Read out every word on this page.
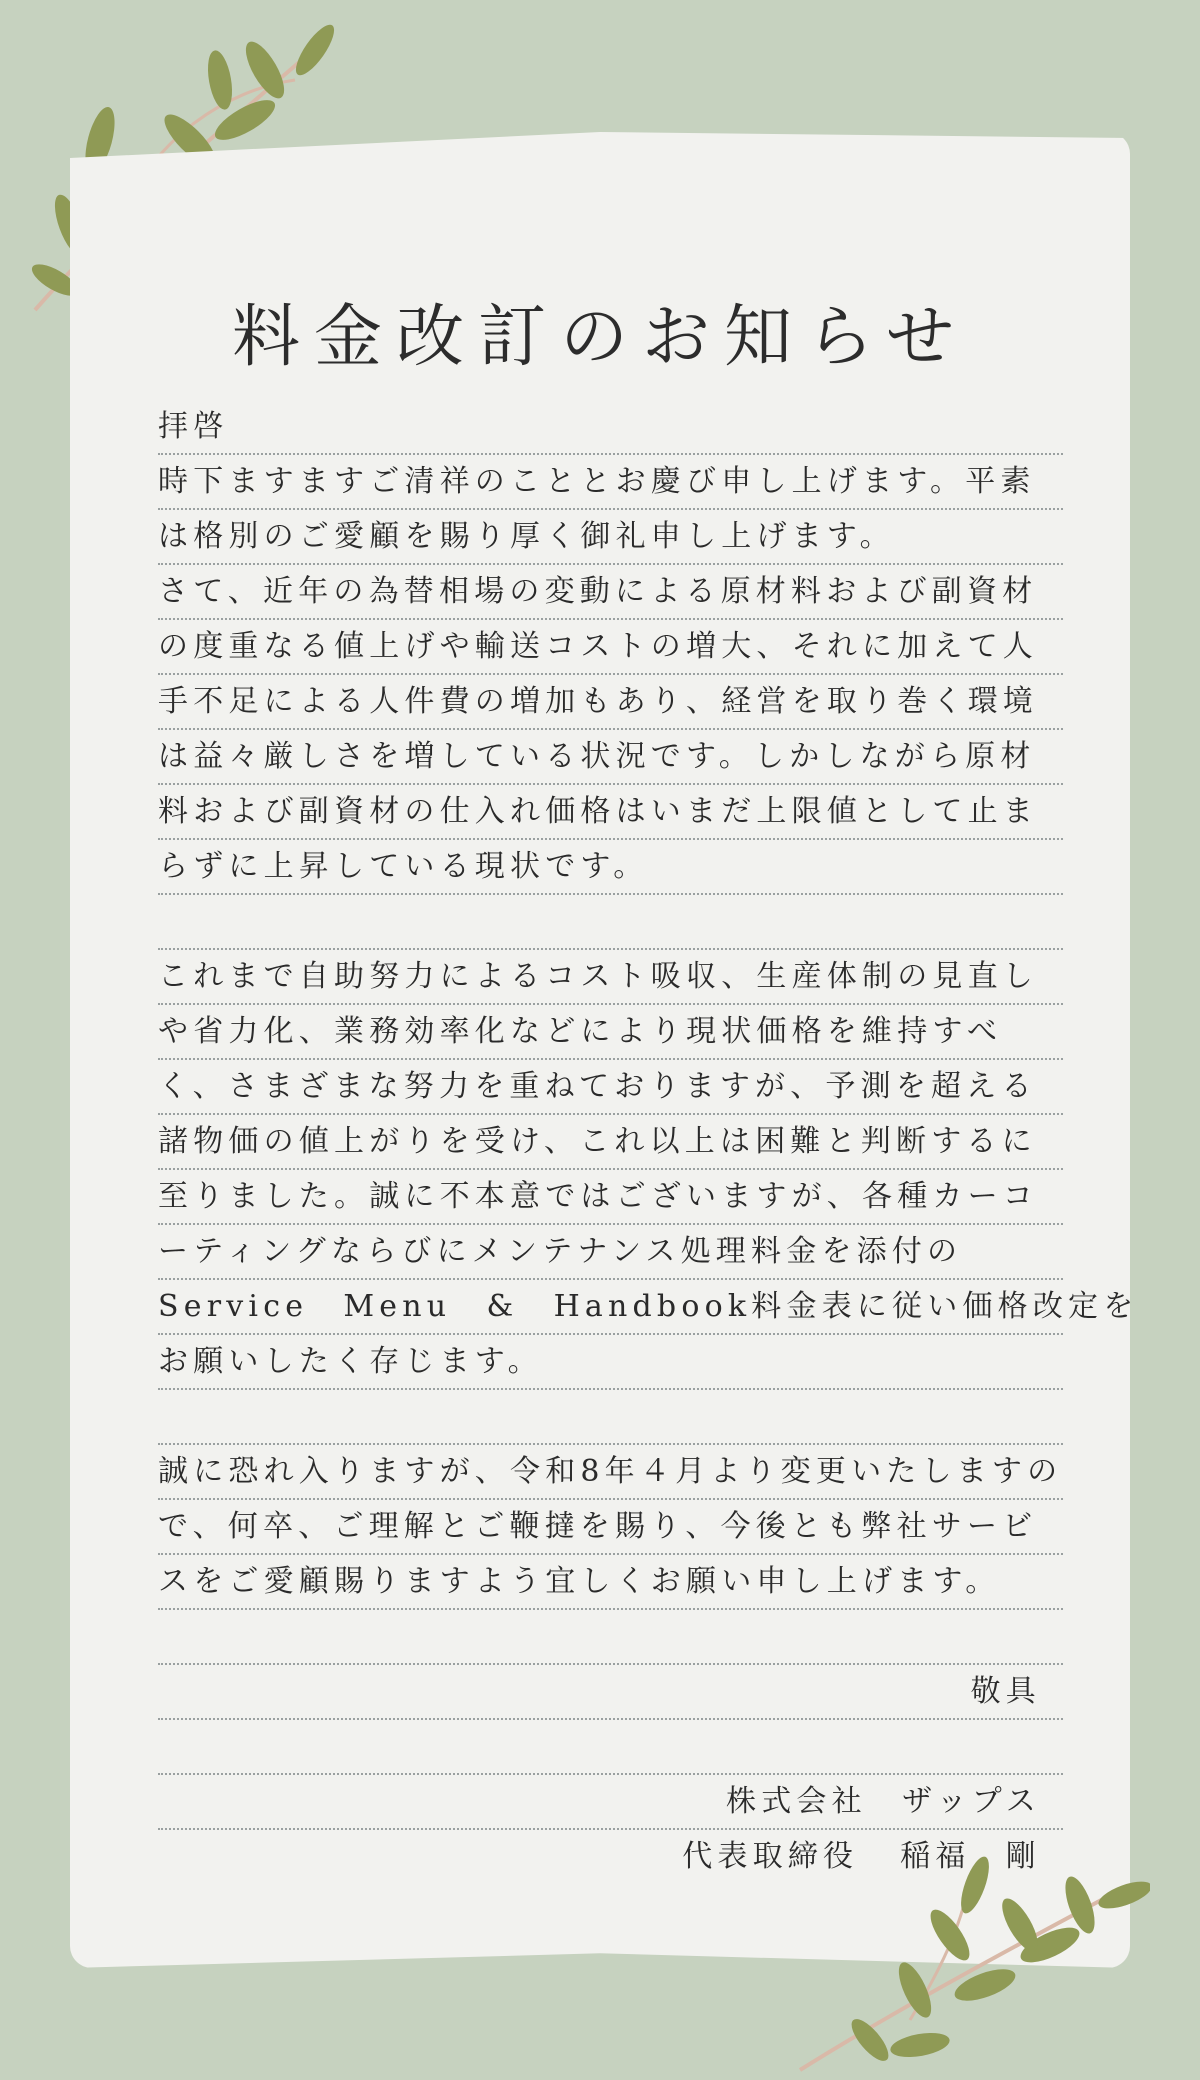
料金改訂のお知らせ
拝啓
時下ますますご清祥のこととお慶び申し上げます。平素
は格別のご愛顧を賜り厚く御礼申し上げます。
さて、近年の為替相場の変動による原材料および副資材
の度重なる値上げや輸送コストの増大、それに加えて人
手不足による人件費の増加もあり、経営を取り巻く環境
は益々厳しさを増している状況です。しかしながら原材
料および副資材の仕入れ価格はいまだ上限値として止ま
らずに上昇している現状です。
これまで自助努力によるコスト吸収、生産体制の見直し
や省力化、業務効率化などにより現状価格を維持すべ
く、さまざまな努力を重ねておりますが、予測を超える
諸物価の値上がりを受け、これ以上は困難と判断するに
至りました。誠に不本意ではございますが、各種カーコ
ーティングならびにメンテナンス処理料金を添付の
Service　Menu　&　Handbook料金表に従い価格改定を
お願いしたく存じます。
誠に恐れ入りますが、令和8年４月より変更いたしますの
で、何卒、ご理解とご鞭撻を賜り、今後とも弊社サービ
スをご愛顧賜りますよう宜しくお願い申し上げます。
敬具
株式会社　ザップス
代表取締役 稲福　剛
